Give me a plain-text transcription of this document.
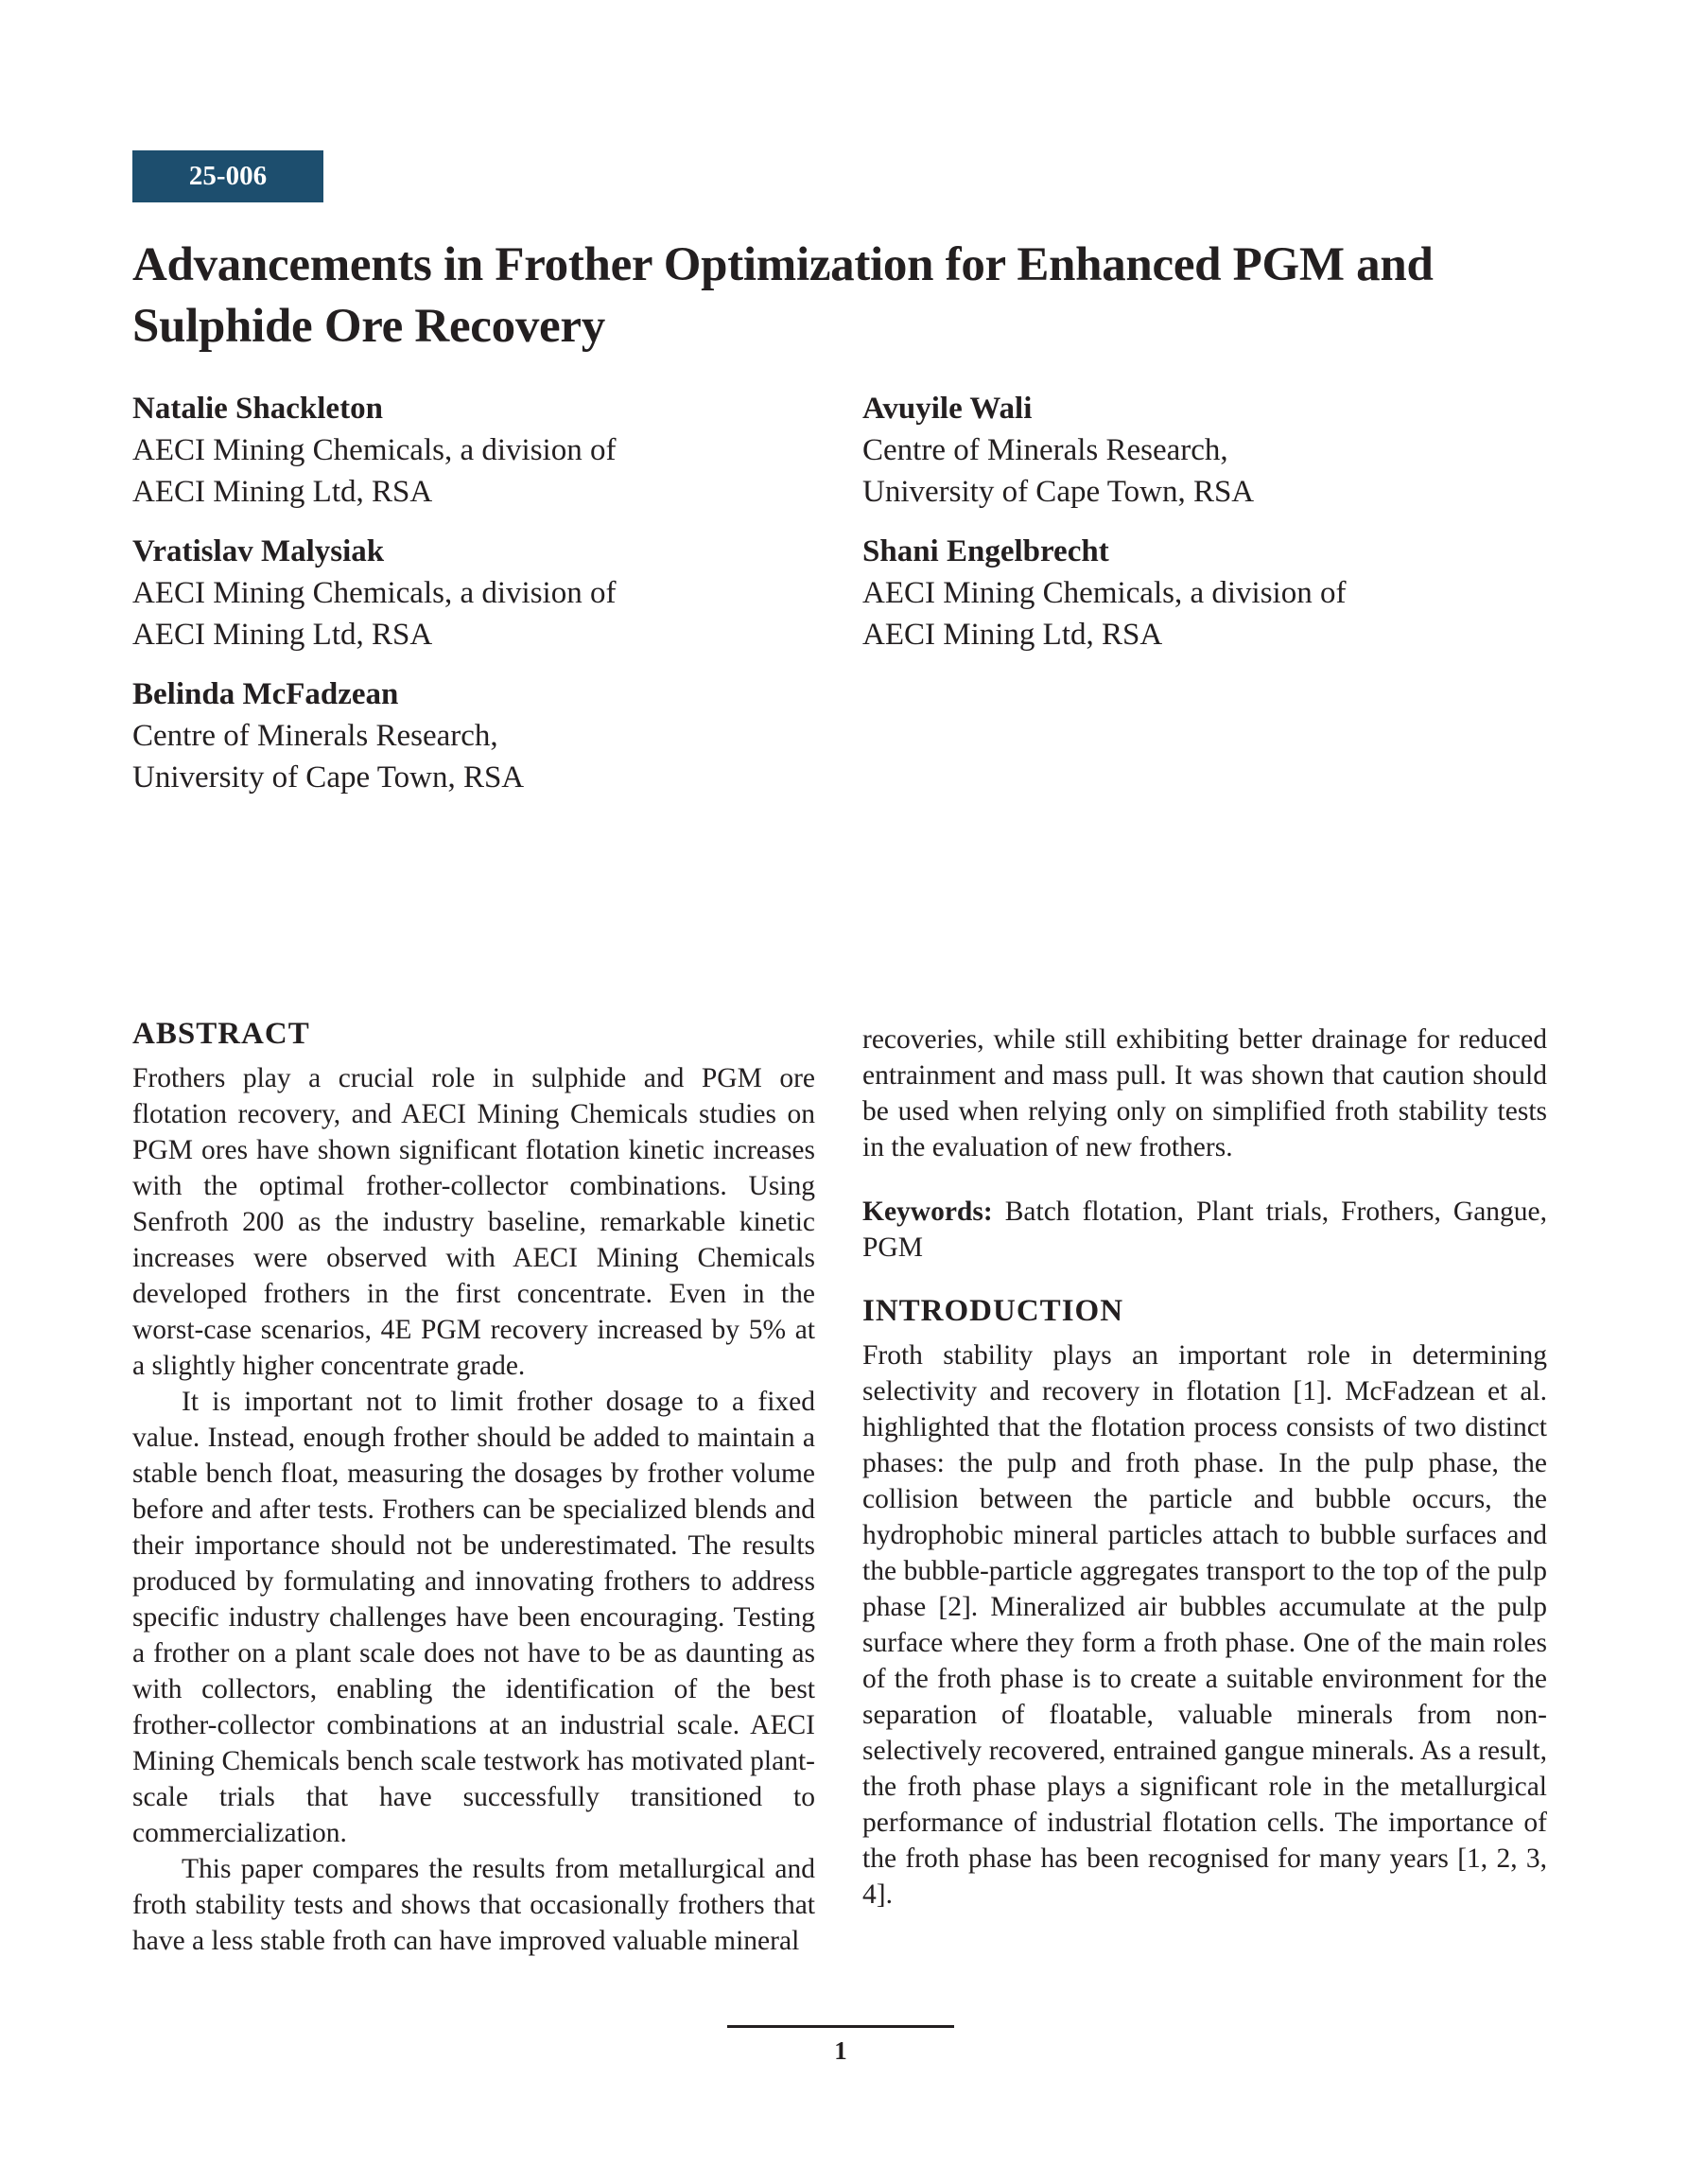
25-006
Advancements in Frother Optimization for Enhanced PGM and Sulphide Ore Recovery
Natalie Shackleton
AECI Mining Chemicals, a division of AECI Mining Ltd, RSA
Avuyile Wali
Centre of Minerals Research, University of Cape Town, RSA
Vratislav Malysiak
AECI Mining Chemicals, a division of AECI Mining Ltd, RSA
Shani Engelbrecht
AECI Mining Chemicals, a division of AECI Mining Ltd, RSA
Belinda McFadzean
Centre of Minerals Research, University of Cape Town, RSA
ABSTRACT

Frothers play a crucial role in sulphide and PGM ore flotation recovery, and AECI Mining Chemicals studies on PGM ores have shown significant flotation kinetic increases with the optimal frother-collector combinations. Using Senfroth 200 as the industry baseline, remarkable kinetic increases were observed with AECI Mining Chemicals developed frothers in the first concentrate. Even in the worst-case scenarios, 4E PGM recovery increased by 5% at a slightly higher concentrate grade.

It is important not to limit frother dosage to a fixed value. Instead, enough frother should be added to maintain a stable bench float, measuring the dosages by frother volume before and after tests. Frothers can be specialized blends and their importance should not be underestimated. The results produced by formulating and innovating frothers to address specific industry challenges have been encouraging. Testing a frother on a plant scale does not have to be as daunting as with collectors, enabling the identification of the best frother-collector combinations at an industrial scale. AECI Mining Chemicals bench scale testwork has motivated plant-scale trials that have successfully transitioned to commercialization.

This paper compares the results from metallurgical and froth stability tests and shows that occasionally frothers that have a less stable froth can have improved valuable mineral

Keywords: Batch flotation, Plant trials, Frothers, Gangue, PGM

INTRODUCTION

Froth stability plays an important role in determining selectivity and recovery in flotation [1]. McFadzean et al. highlighted that the flotation process consists of two distinct phases: the pulp and froth phase. In the pulp phase, the collision between the particle and bubble occurs, the hydrophobic mineral particles attach to bubble surfaces and the bubble-particle aggregates transport to the top of the pulp phase [2]. Mineralized air bubbles accumulate at the pulp surface where they form a froth phase. One of the main roles of the froth phase is to create a suitable environment for the separation of floatable, valuable minerals from non-selectively recovered, entrained gangue minerals. As a result, the froth phase plays a significant role in the metallurgical performance of industrial flotation cells. The importance of the froth phase has been recognised for many years [1, 2, 3, 4].

1

recoveries, while still exhibiting better drainage for reduced entrainment and mass pull. It was shown that caution should be used when relying only on simplified froth stability tests in the evaluation of new frothers.
